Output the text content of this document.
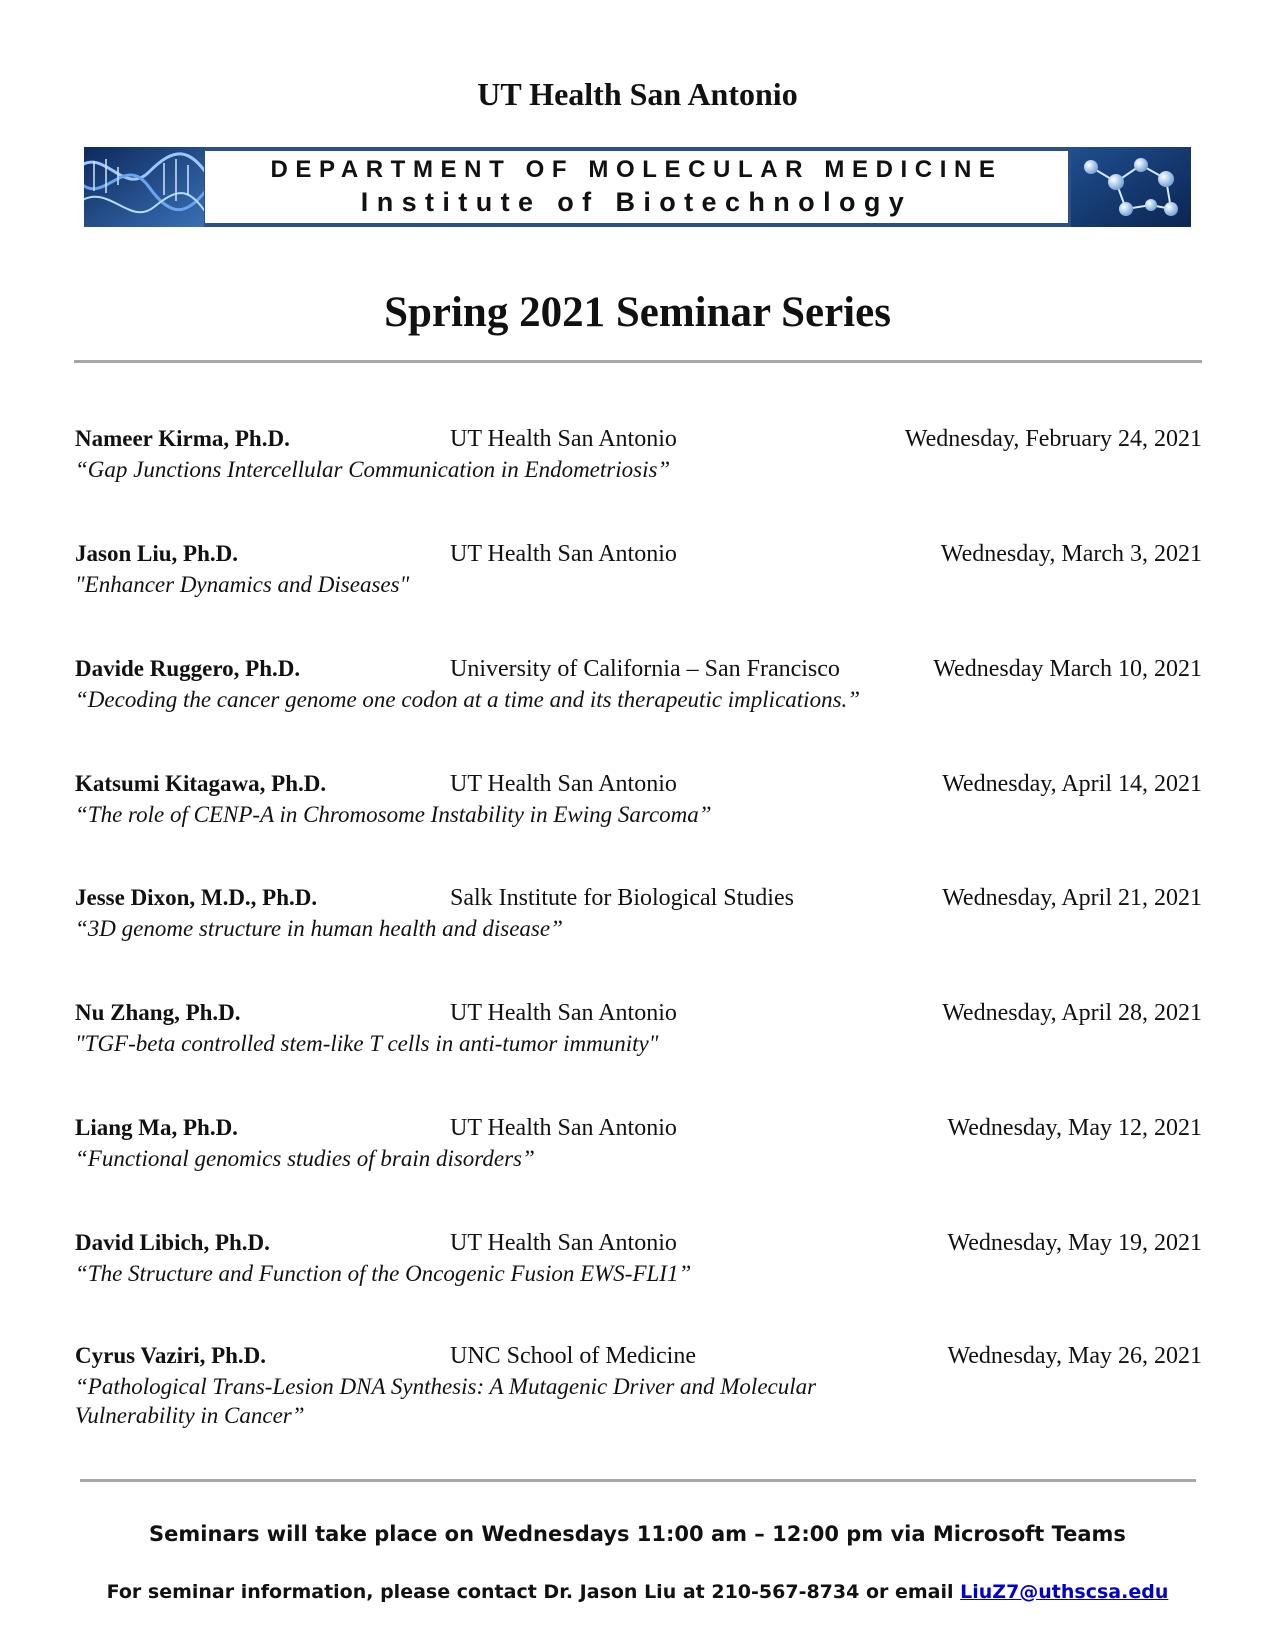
UT Health San Antonio
DEPARTMENT OF MOLECULAR MEDICINE
Institute of Biotechnology
Spring 2021 Seminar Series
Nameer Kirma, Ph.D.	UT Health San Antonio	Wednesday, February 24, 2021
“Gap Junctions Intercellular Communication in Endometriosis”
Jason Liu, Ph.D.	UT Health San Antonio	Wednesday, March 3, 2021
"Enhancer Dynamics and Diseases"
Davide Ruggero, Ph.D.	University of California – San Francisco	Wednesday March 10, 2021
“Decoding the cancer genome one codon at a time and its therapeutic implications.”
Katsumi Kitagawa, Ph.D.	UT Health San Antonio	Wednesday, April 14, 2021
“The role of CENP-A in Chromosome Instability in Ewing Sarcoma”
Jesse Dixon, M.D., Ph.D.	Salk Institute for Biological Studies	Wednesday, April 21, 2021
“3D genome structure in human health and disease”
Nu Zhang, Ph.D.	UT Health San Antonio	Wednesday, April 28, 2021
"TGF-beta controlled stem-like T cells in anti-tumor immunity"
Liang Ma, Ph.D.	UT Health San Antonio	Wednesday, May 12, 2021
“Functional genomics studies of brain disorders”
David Libich, Ph.D.	UT Health San Antonio	Wednesday, May 19, 2021
“The Structure and Function of the Oncogenic Fusion EWS-FLI1”
Cyrus Vaziri, Ph.D.	UNC School of Medicine	Wednesday, May 26, 2021
“Pathological Trans-Lesion DNA Synthesis: A Mutagenic Driver and Molecular Vulnerability in Cancer”
Seminars will take place on Wednesdays 11:00 am – 12:00 pm via Microsoft Teams
For seminar information, please contact Dr. Jason Liu at 210-567-8734 or email LiuZ7@uthscsa.edu
